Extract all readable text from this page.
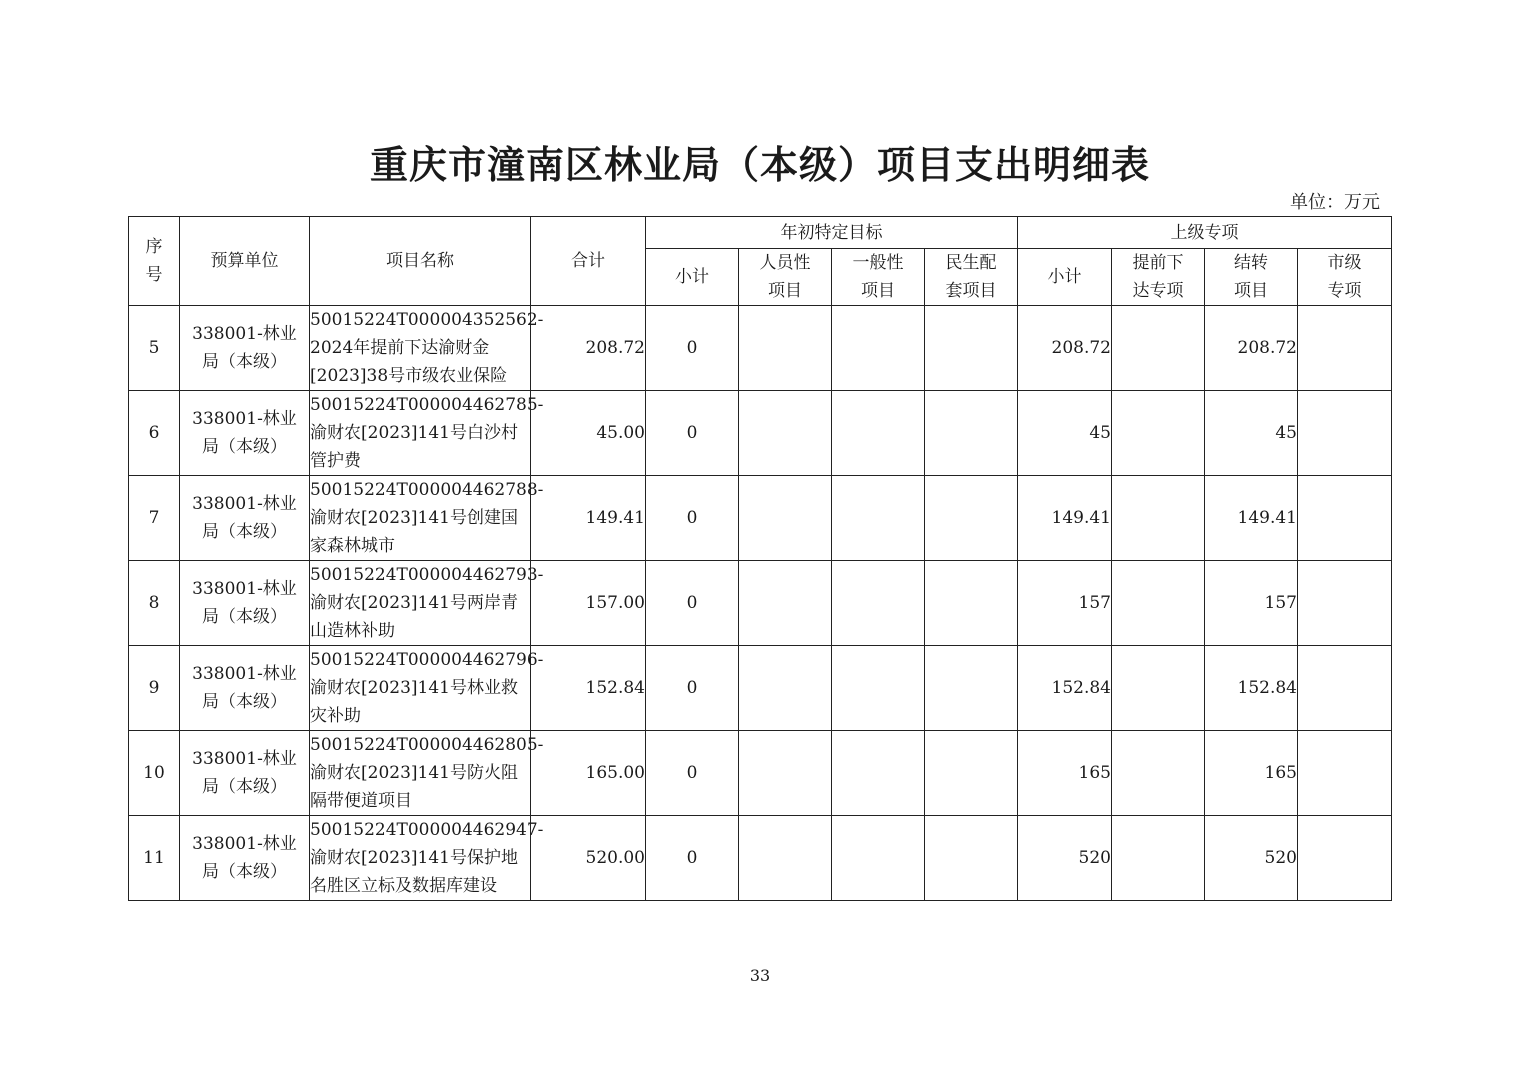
重庆市潼南区林业局（本级）项目支出明细表
单位：万元
序号	预算单位	项目名称	合计	年初特定目标				上级专项			
				小计	人员性项目	一般性项目	民生配套项目	小计	提前下达专项	结转项目	市级专项
5	338001-林业局（本级）	50015224T000004352562-2024年提前下达渝财金[2023]38号市级农业保险	208.72	0				208.72		208.72	
6	338001-林业局（本级）	50015224T000004462785-渝财农[2023]141号白沙村管护费	45.00	0				45		45	
7	338001-林业局（本级）	50015224T000004462788-渝财农[2023]141号创建国家森林城市	149.41	0				149.41		149.41	
8	338001-林业局（本级）	50015224T000004462793-渝财农[2023]141号两岸青山造林补助	157.00	0				157		157	
9	338001-林业局（本级）	50015224T000004462796-渝财农[2023]141号林业救灾补助	152.84	0				152.84		152.84	
10	338001-林业局（本级）	50015224T000004462805-渝财农[2023]141号防火阻隔带便道项目	165.00	0				165		165	
11	338001-林业局（本级）	50015224T000004462947-渝财农[2023]141号保护地名胜区立标及数据库建设	520.00	0				520		520	
33
